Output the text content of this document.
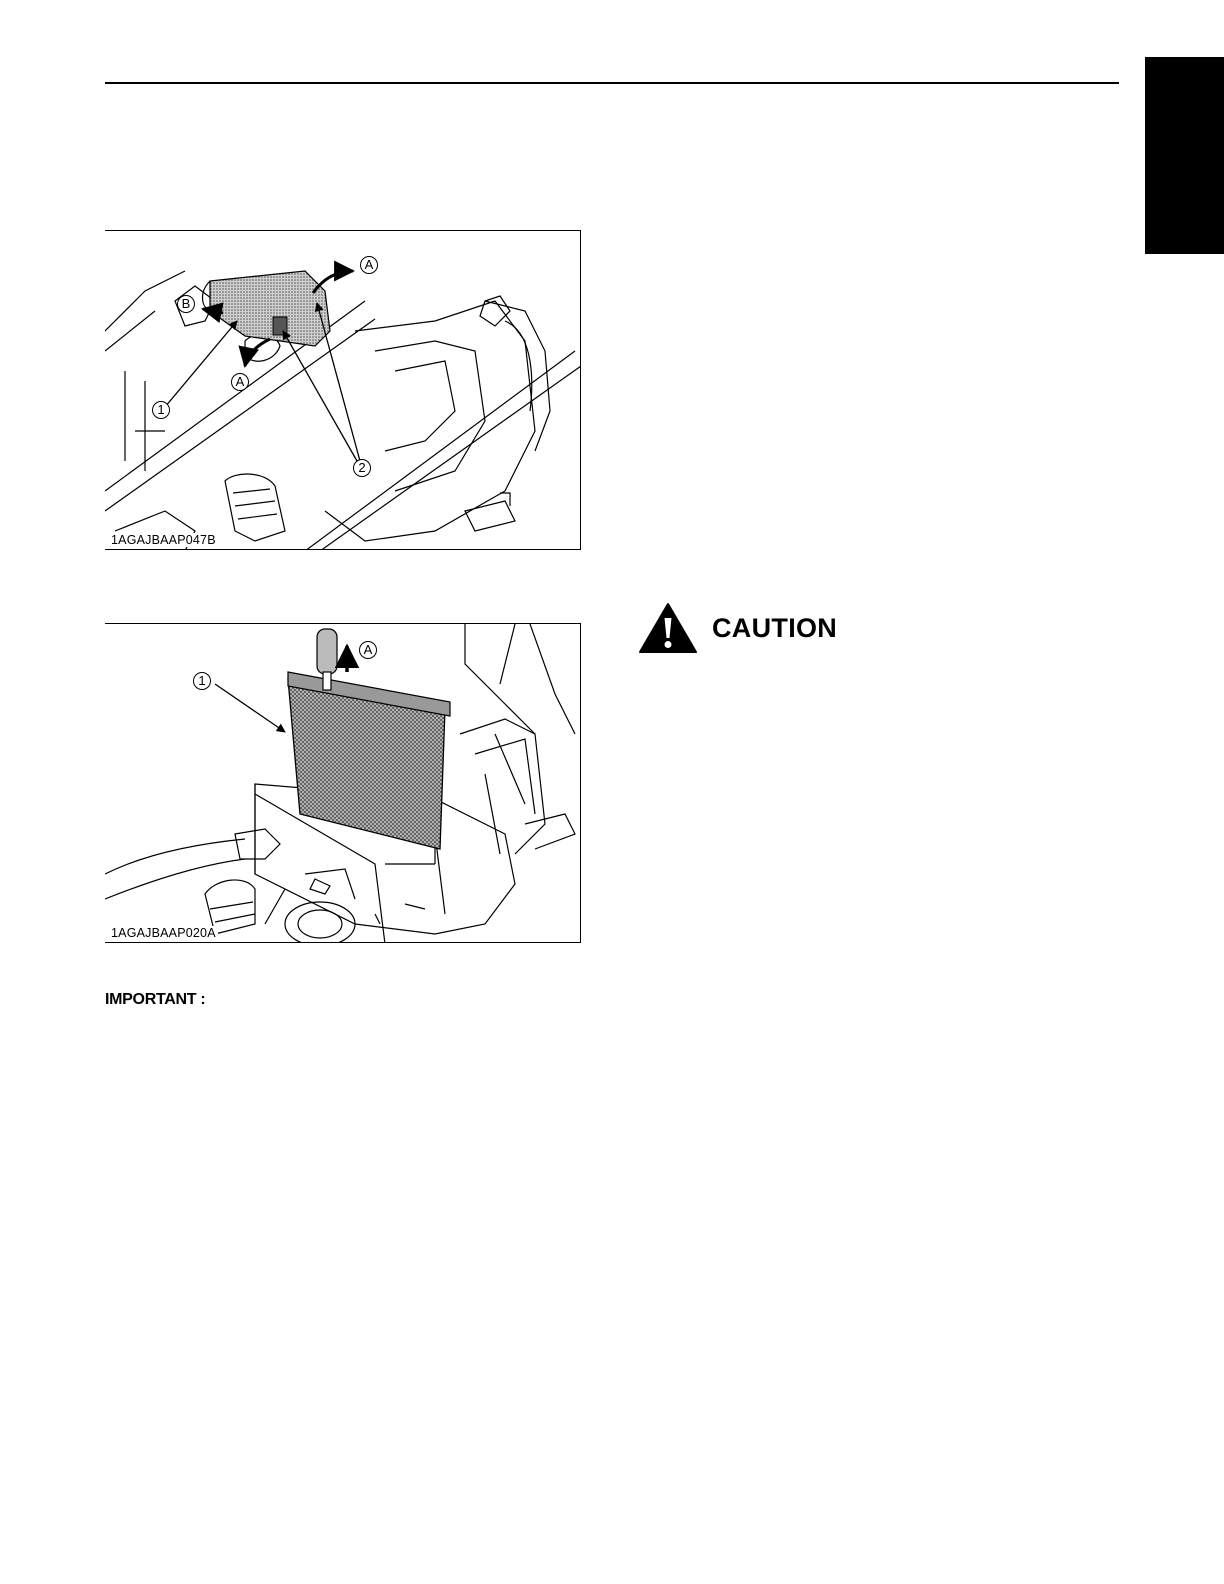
A
B
A
1
2
1AGAJBAAP047B
A
1
1AGAJBAAP020A
CAUTION
IMPORTANT :
